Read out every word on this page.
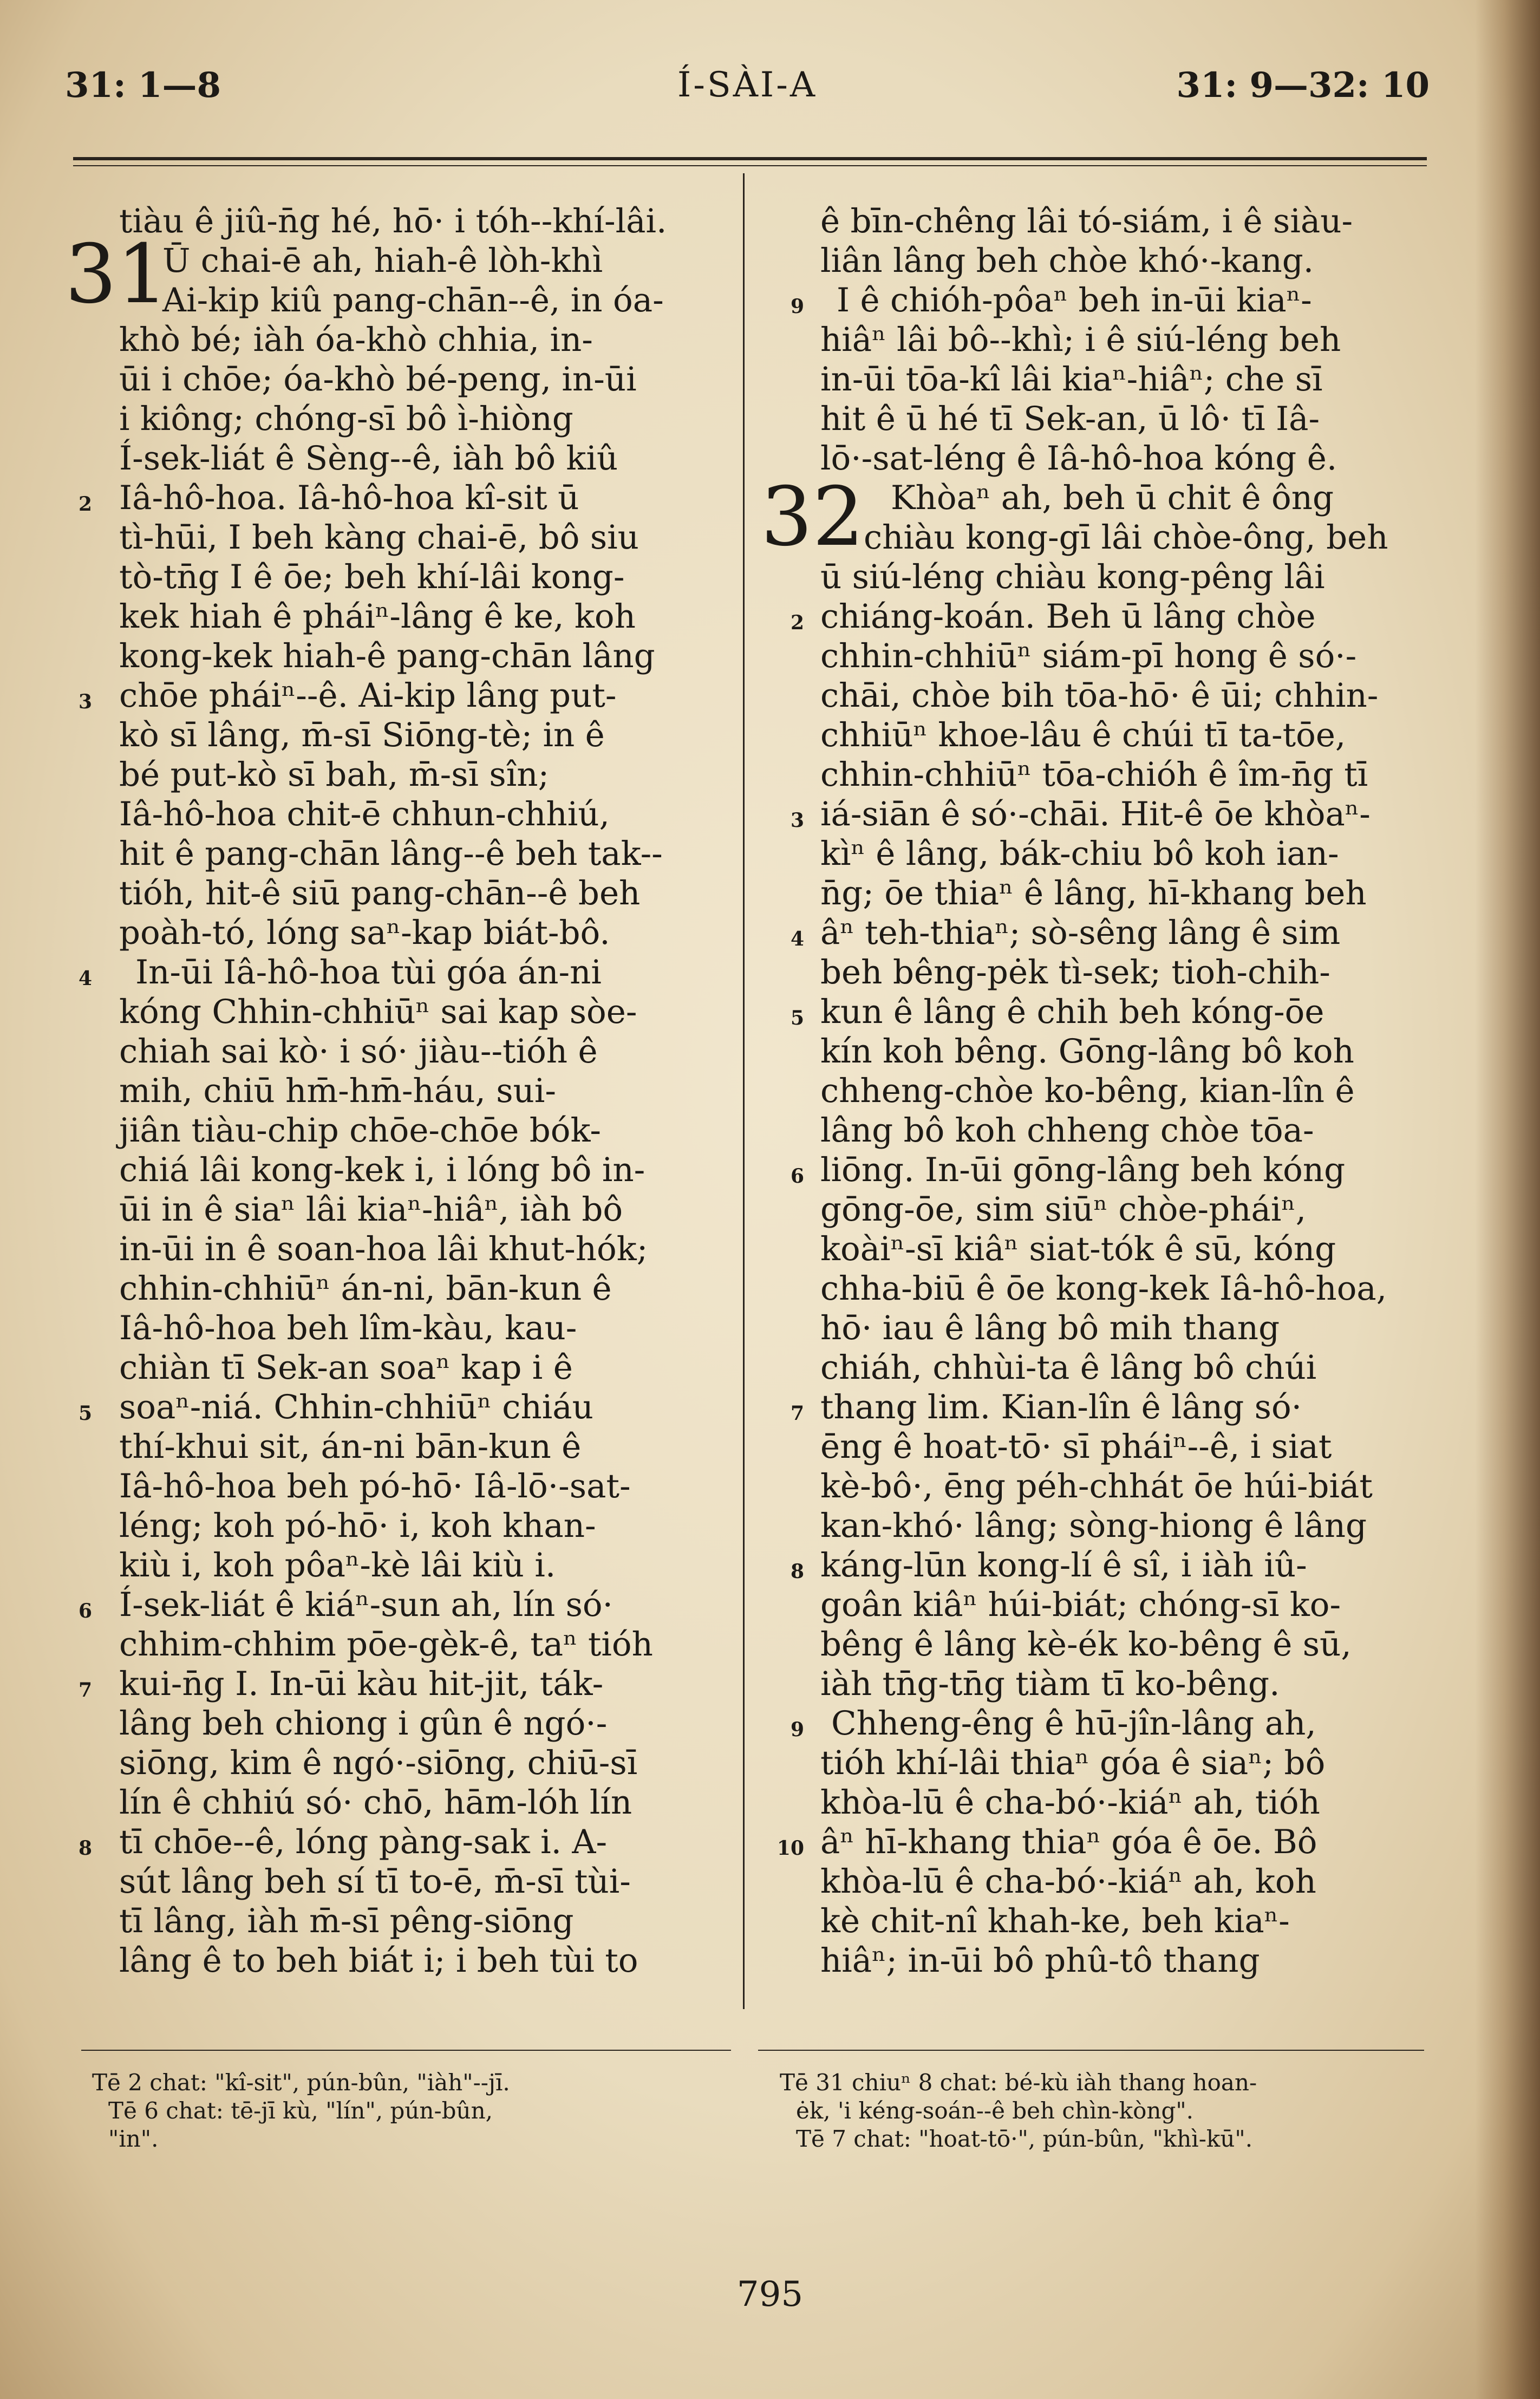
31: 1—8	Í-SÀI-A	31: 9—32: 10
31
tiàu ê jiû-n̄g hé, hō· i tóh--khí-lâi.
Ū chai-ē ah, hiah-ê lòh-khì
Ai-kip kiû pang-chān--ê, in óa-
khò bé; iàh óa-khò chhia, in-
ūi i chōe; óa-khò bé-peng, in-ūi
i kiông; chóng-sī bô ì-hiòng
Í-sek-liát ê Sèng--ê, iàh bô kiû
Iâ-hô-hoa. Iâ-hô-hoa kî-sit ū
tì-hūi, I beh kàng chai-ē, bô siu
tò-tn̄g I ê ōe; beh khí-lâi kong-
kek hiah ê pháiⁿ-lâng ê ke, koh
kong-kek hiah-ê pang-chān lâng
chōe pháiⁿ--ê. Ai-kip lâng put-
kò sī lâng, m̄-sī Siōng-tè; in ê
bé put-kò sī bah, m̄-sī sîn;
Iâ-hô-hoa chit-ē chhun-chhiú,
hit ê pang-chān lâng--ê beh tak--
tióh, hit-ê siū pang-chān--ê beh
poàh-tó, lóng saⁿ-kap biát-bô.
In-ūi Iâ-hô-hoa tùi góa án-ni
kóng Chhin-chhiūⁿ sai kap sòe-
chiah sai kò· i só· jiàu--tióh ê
mih, chiū hm̄-hm̄-háu, sui-
jiân tiàu-chip chōe-chōe bók-
chiá lâi kong-kek i, i lóng bô in-
ūi in ê siaⁿ lâi kiaⁿ-hiâⁿ, iàh bô
in-ūi in ê soan-hoa lâi khut-hók;
chhin-chhiūⁿ án-ni, bān-kun ê
Iâ-hô-hoa beh lîm-kàu, kau-
chiàn tī Sek-an soaⁿ kap i ê
soaⁿ-niá. Chhin-chhiūⁿ chiáu
thí-khui sit, án-ni bān-kun ê
Iâ-hô-hoa beh pó-hō· Iâ-lō·-sat-
léng; koh pó-hō· i, koh khan-
kiù i, koh pôaⁿ-kè lâi kiù i.
Í-sek-liát ê kiáⁿ-sun ah, lín só·
chhim-chhim pōe-gèk-ê, taⁿ tióh
kui-n̄g I. In-ūi kàu hit-jit, ták-
lâng beh chiong i gûn ê ngó·-
siōng, kim ê ngó·-siōng, chiū-sī
lín ê chhiú só· chō, hām-lóh lín
tī chōe--ê, lóng pàng-sak i. A-
sút lâng beh sí tī to-ē, m̄-sī tùi-
tī lâng, iàh m̄-sī pêng-siōng
lâng ê to beh biát i; i beh tùi to
2
3
4
5
6
7
8
32
ê bīn-chêng lâi tó-siám, i ê siàu-
liân lâng beh chòe khó·-kang.
I ê chióh-pôaⁿ beh in-ūi kiaⁿ-
hiâⁿ lâi bô--khì; i ê siú-léng beh
in-ūi tōa-kî lâi kiaⁿ-hiâⁿ; che sī
hit ê ū hé tī Sek-an, ū lô· tī Iâ-
lō·-sat-léng ê Iâ-hô-hoa kóng ê.
Khòaⁿ ah, beh ū chit ê ông
chiàu kong-gī lâi chòe-ông, beh
ū siú-léng chiàu kong-pêng lâi
chiáng-koán. Beh ū lâng chòe
chhin-chhiūⁿ siám-pī hong ê só·-
chāi, chòe bih tōa-hō· ê ūi; chhin-
chhiūⁿ khoe-lâu ê chúi tī ta-tōe,
chhin-chhiūⁿ tōa-chióh ê îm-n̄g tī
iá-siān ê só·-chāi. Hit-ê ōe khòaⁿ-
kìⁿ ê lâng, bák-chiu bô koh ian-
n̄g; ōe thiaⁿ ê lâng, hī-khang beh
âⁿ teh-thiaⁿ; sò-sêng lâng ê sim
beh bêng-pėk tì-sek; tioh-chih-
kun ê lâng ê chih beh kóng-ōe
kín koh bêng. Gōng-lâng bô koh
chheng-chòe ko-bêng, kian-lîn ê
lâng bô koh chheng chòe tōa-
liōng. In-ūi gōng-lâng beh kóng
gōng-ōe, sim siūⁿ chòe-pháiⁿ,
koàiⁿ-sī kiâⁿ siat-tók ê sū, kóng
chha-biū ê ōe kong-kek Iâ-hô-hoa,
hō· iau ê lâng bô mih thang
chiáh, chhùi-ta ê lâng bô chúi
thang lim. Kian-lîn ê lâng só·
ēng ê hoat-tō· sī pháiⁿ--ê, i siat
kè-bô·, ēng péh-chhát ōe húi-biát
kan-khó· lâng; sòng-hiong ê lâng
káng-lūn kong-lí ê sî, i iàh iû-
goân kiâⁿ húi-biát; chóng-sī ko-
bêng ê lâng kè-ék ko-bêng ê sū,
iàh tn̄g-tn̄g tiàm tī ko-bêng.
Chheng-êng ê hū-jîn-lâng ah,
tióh khí-lâi thiaⁿ góa ê siaⁿ; bô
khòa-lū ê cha-bó·-kiáⁿ ah, tióh
âⁿ hī-khang thiaⁿ góa ê ōe. Bô
khòa-lū ê cha-bó·-kiáⁿ ah, koh
kè chit-nî khah-ke, beh kiaⁿ-
hiâⁿ; in-ūi bô phû-tô thang
9
2
3
4
5
6
7
8
9
10
Tē 2 chat: "kî-sit", pún-bûn, "iàh"--jī.
Tē 6 chat: tē-jī kù, "lín", pún-bûn,
"in".
Tē 31 chiuⁿ 8 chat: bé-kù iàh thang hoan-
ėk, 'i kéng-soán--ê beh chìn-kòng".
Tē 7 chat: "hoat-tō·", pún-bûn, "khì-kū".
795
